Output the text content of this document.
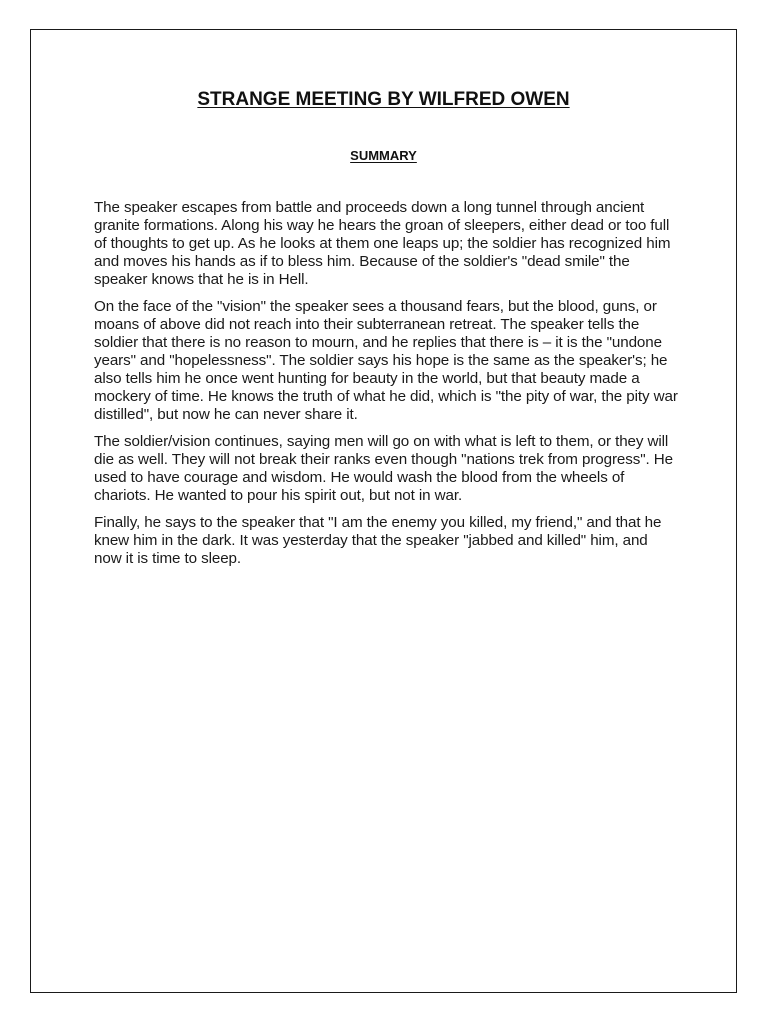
STRANGE MEETING BY WILFRED OWEN
SUMMARY

The speaker escapes from battle and proceeds down a long tunnel through ancient granite formations. Along his way he hears the groan of sleepers, either dead or too full of thoughts to get up. As he looks at them one leaps up; the soldier has recognized him and moves his hands as if to bless him. Because of the soldier's "dead smile" the speaker knows that he is in Hell.

On the face of the "vision" the speaker sees a thousand fears, but the blood, guns, or moans of above did not reach into their subterranean retreat. The speaker tells the soldier that there is no reason to mourn, and he replies that there is – it is the "undone years" and "hopelessness". The soldier says his hope is the same as the speaker's; he also tells him he once went hunting for beauty in the world, but that beauty made a mockery of time. He knows the truth of what he did, which is "the pity of war, the pity war distilled", but now he can never share it.

The soldier/vision continues, saying men will go on with what is left to them, or they will die as well. They will not break their ranks even though "nations trek from progress". He used to have courage and wisdom. He would wash the blood from the wheels of chariots. He wanted to pour his spirit out, but not in war.

Finally, he says to the speaker that "I am the enemy you killed, my friend," and that he knew him in the dark. It was yesterday that the speaker "jabbed and killed" him, and now it is time to sleep.
